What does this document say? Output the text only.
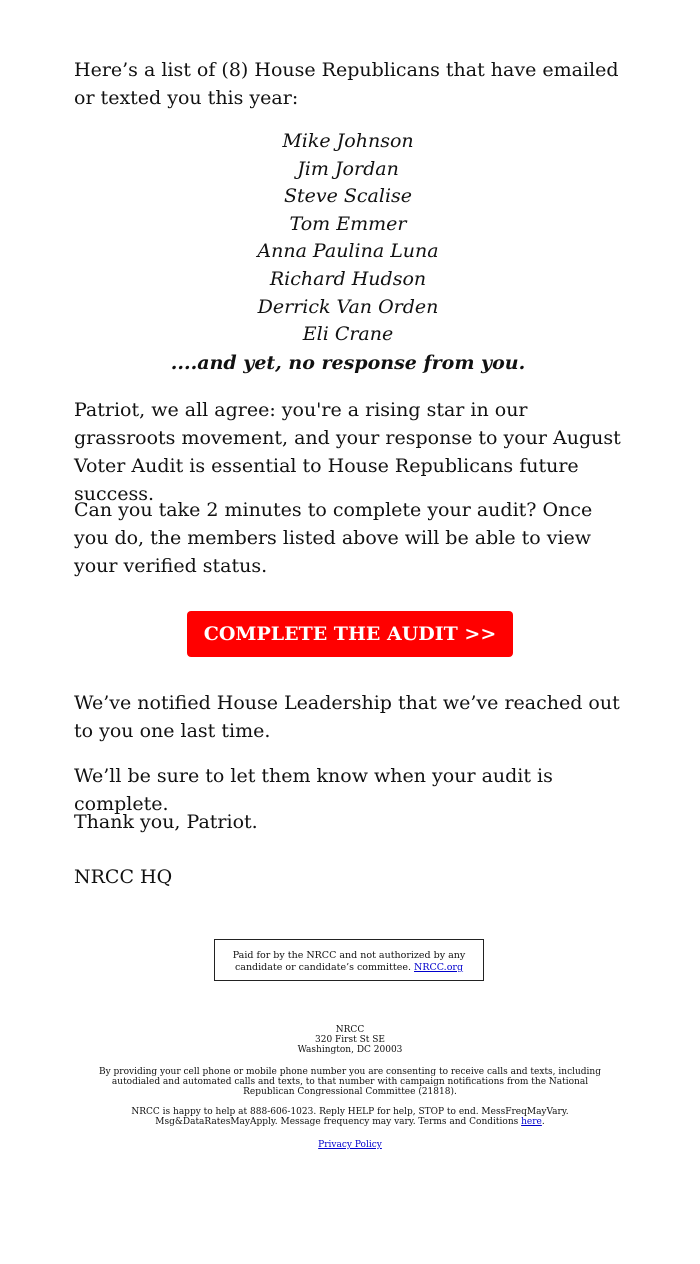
Here’s a list of (8) House Republicans that have emailed or texted you this year:

Mike Johnson
Jim Jordan
Steve Scalise
Tom Emmer
Anna Paulina Luna
Richard Hudson
Derrick Van Orden
Eli Crane
....and yet, no response from you.

Patriot, we all agree: you're a rising star in our grassroots movement, and your response to your August Voter Audit is essential to House Republicans future success.

Can you take 2 minutes to complete your audit? Once you do, the members listed above will be able to view your verified status.

COMPLETE THE AUDIT >>

We’ve notified House Leadership that we’ve reached out to you one last time.

We’ll be sure to let them know when your audit is complete.

Thank you, Patriot.

NRCC HQ

Paid for by the NRCC and not authorized by any candidate or candidate’s committee. NRCC.org
NRCC
320 First St SE
Washington, DC 20003
By providing your cell phone or mobile phone number you are consenting to receive calls and texts, including autodialed and automated calls and texts, to that number with campaign notifications from the National Republican Congressional Committee (21818).
NRCC is happy to help at 888-606-1023. Reply HELP for help, STOP to end. MessFreqMayVary. Msg&DataRatesMayApply. Message frequency may vary. Terms and Conditions here.
Privacy Policy
